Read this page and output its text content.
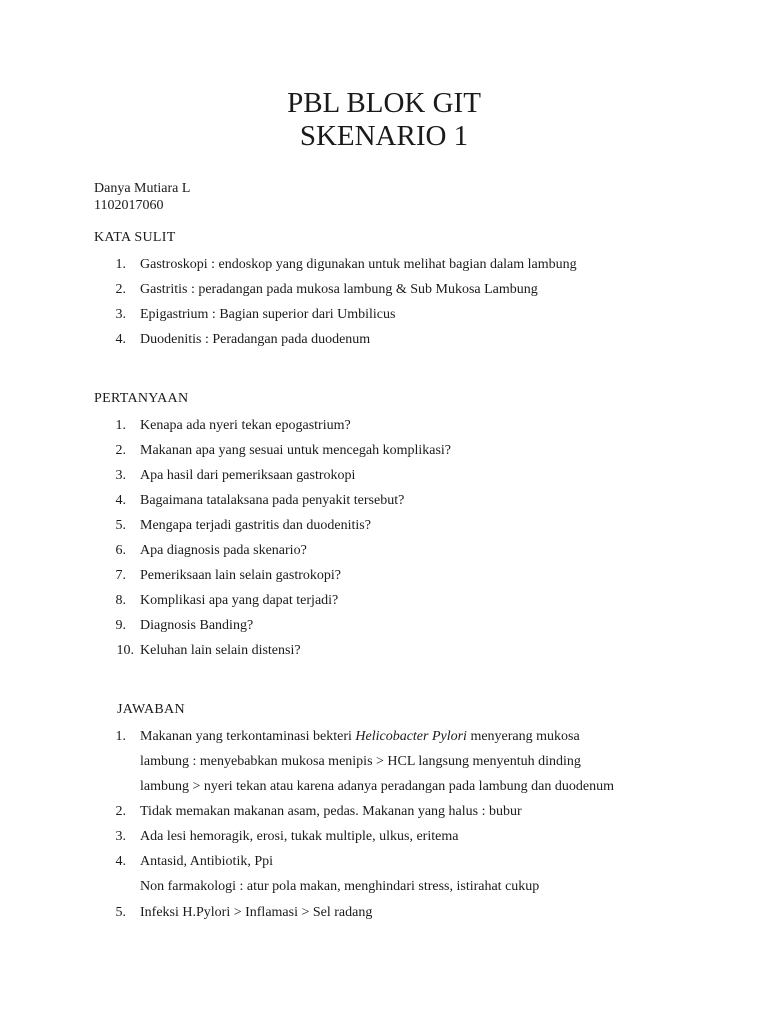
PBL BLOK GIT
SKENARIO 1
Danya Mutiara L
1102017060
KATA SULIT
1. Gastroskopi : endoskop yang digunakan untuk melihat bagian dalam lambung
2. Gastritis : peradangan pada mukosa lambung & Sub Mukosa Lambung
3. Epigastrium : Bagian superior dari Umbilicus
4. Duodenitis : Peradangan pada duodenum
PERTANYAAN
1. Kenapa ada nyeri tekan epogastrium?
2. Makanan apa yang sesuai untuk mencegah komplikasi?
3. Apa hasil dari pemeriksaan gastrokopi
4. Bagaimana tatalaksana pada penyakit tersebut?
5. Mengapa terjadi gastritis dan duodenitis?
6. Apa diagnosis pada skenario?
7. Pemeriksaan lain selain gastrokopi?
8. Komplikasi apa yang dapat terjadi?
9. Diagnosis Banding?
10. Keluhan lain selain distensi?
JAWABAN
1. Makanan yang terkontaminasi bekteri Helicobacter Pylori menyerang mukosa
lambung : menyebabkan mukosa menipis > HCL langsung menyentuh dinding
lambung > nyeri tekan atau karena adanya peradangan pada lambung dan duodenum
2. Tidak memakan makanan asam, pedas. Makanan yang halus : bubur
3. Ada lesi hemoragik, erosi, tukak multiple, ulkus, eritema
4. Antasid, Antibiotik, Ppi
Non farmakologi : atur pola makan, menghindari stress, istirahat cukup
5. Infeksi H.Pylori > Inflamasi > Sel radang
